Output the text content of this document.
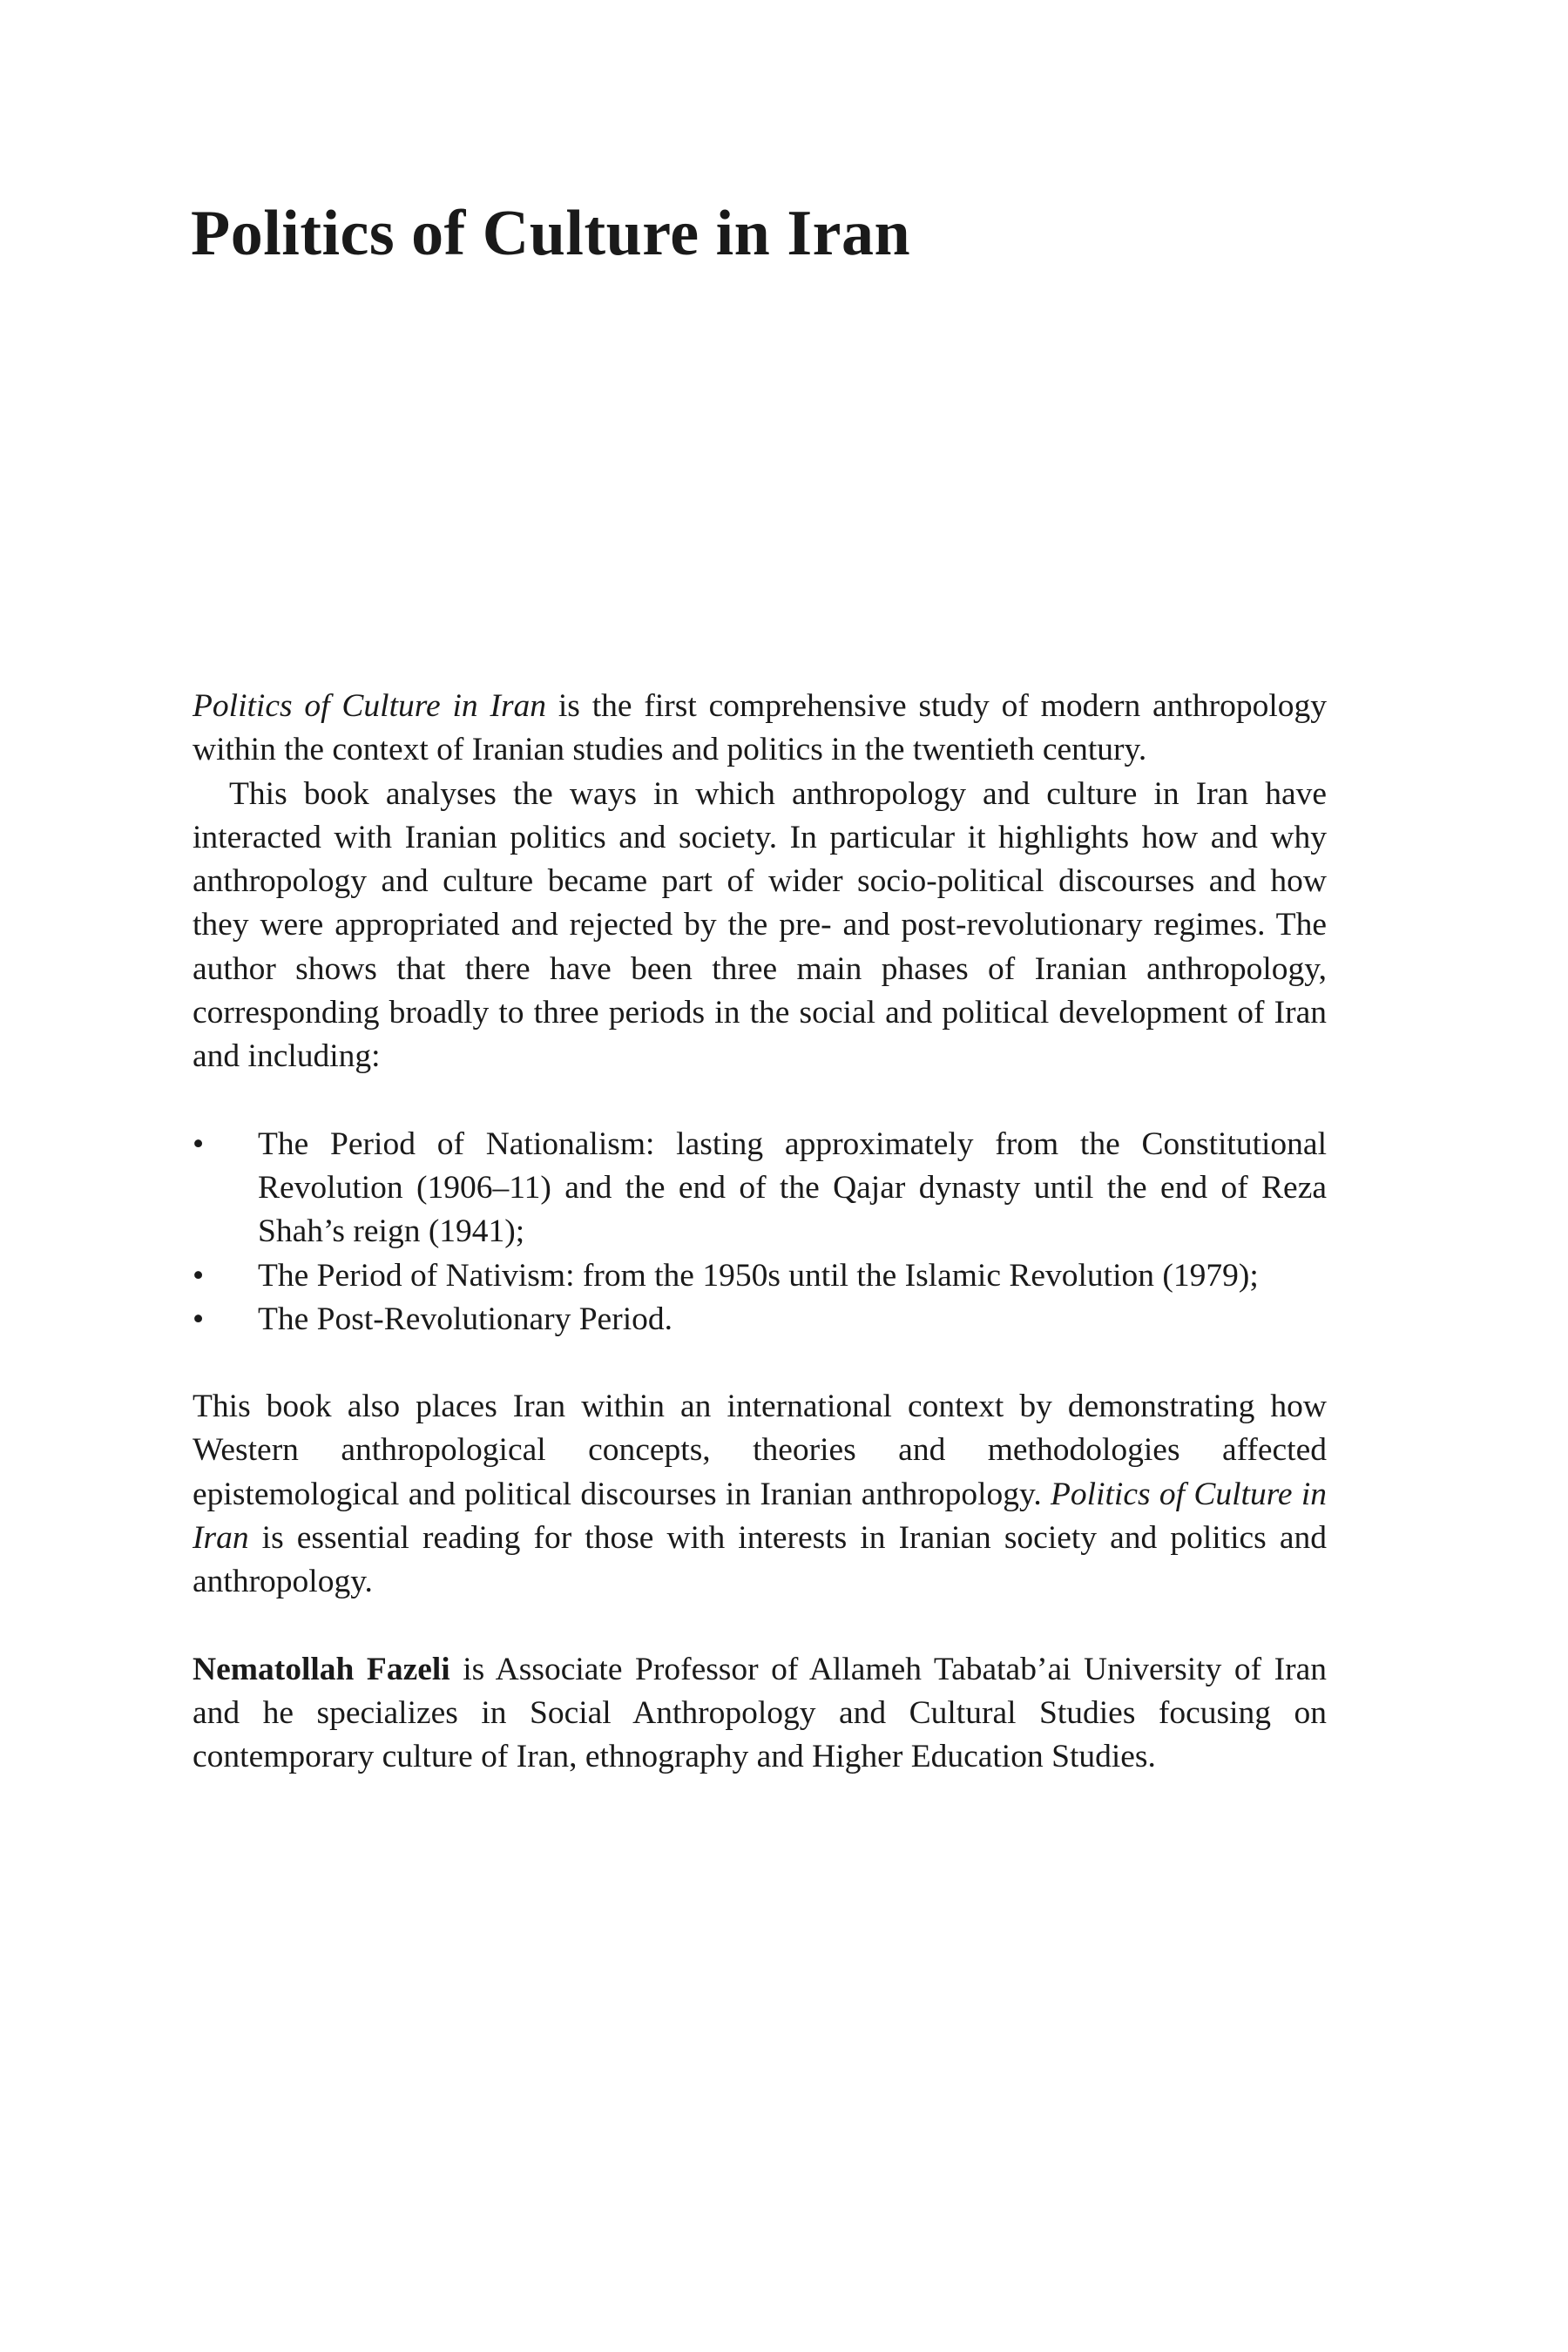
Politics of Culture in Iran

Politics of Culture in Iran is the first comprehensive study of modern anthropology within the context of Iranian studies and politics in the twentieth century.

This book analyses the ways in which anthropology and culture in Iran have interacted with Iranian politics and society. In particular it highlights how and why anthropology and culture became part of wider socio-political discourses and how they were appropriated and rejected by the pre- and post-revolutionary regimes. The author shows that there have been three main phases of Iranian anthropology, corresponding broadly to three periods in the social and political development of Iran and including:

• The Period of Nationalism: lasting approximately from the Constitutional Revolution (1906–11) and the end of the Qajar dynasty until the end of Reza Shah’s reign (1941);
• The Period of Nativism: from the 1950s until the Islamic Revolution (1979);
• The Post-Revolutionary Period.

This book also places Iran within an international context by demonstrating how Western anthropological concepts, theories and methodologies affected epistemological and political discourses in Iranian anthropology. Politics of Culture in Iran is essential reading for those with interests in Iranian society and politics and anthropology.

Nematollah Fazeli is Associate Professor of Allameh Tabatab’ai University of Iran and he specializes in Social Anthropology and Cultural Studies focusing on contemporary culture of Iran, ethnography and Higher Education Studies.
